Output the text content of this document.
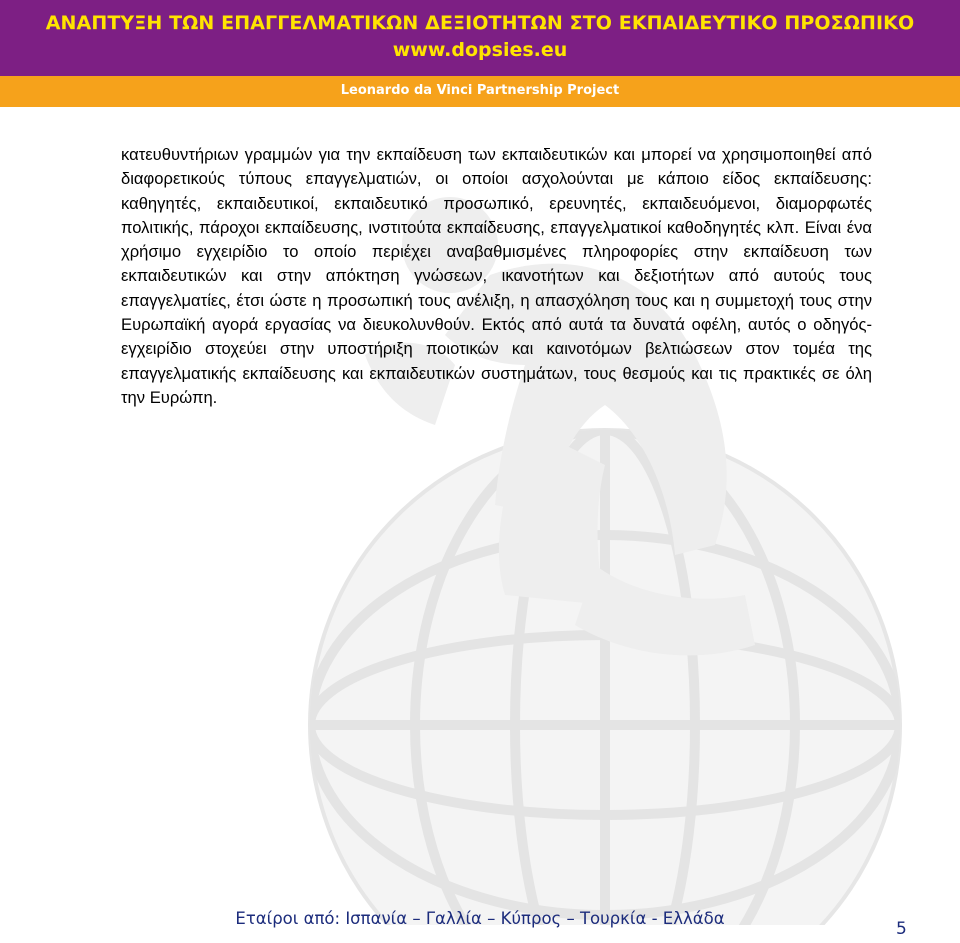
ΑΝΑΠΤΥΞΗ ΤΩΝ ΕΠΑΓΓΕΛΜΑΤΙΚΩΝ ΔΕΞΙΟΤΗΤΩΝ ΣΤΟ ΕΚΠΑΙΔΕΥΤΙΚΟ ΠΡΟΣΩΠΙΚΟ
www.dopsies.eu
Leonardo da Vinci Partnership Project

κατευθυντήριων γραμμών για την εκπαίδευση των εκπαιδευτικών και μπορεί να χρησιμοποιηθεί από διαφορετικούς τύπους επαγγελματιών, οι οποίοι ασχολούνται με κάποιο είδος εκπαίδευσης: καθηγητές, εκπαιδευτικοί, εκπαιδευτικό προσωπικό, ερευνητές, εκπαιδευόμενοι, διαμορφωτές πολιτικής, πάροχοι εκπαίδευσης, ινστιτούτα εκπαίδευσης, επαγγελματικοί καθοδηγητές κλπ. Είναι ένα χρήσιμο εγχειρίδιο το οποίο περιέχει αναβαθμισμένες πληροφορίες στην εκπαίδευση των εκπαιδευτικών και στην απόκτηση γνώσεων, ικανοτήτων και δεξιοτήτων από αυτούς τους επαγγελματίες, έτσι ώστε η προσωπική τους ανέλιξη, η απασχόληση τους και η συμμετοχή τους στην Ευρωπαϊκή αγορά εργασίας να διευκολυνθούν. Εκτός από αυτά τα δυνατά οφέλη, αυτός ο οδηγός-εγχειρίδιο στοχεύει στην υποστήριξη ποιοτικών και καινοτόμων βελτιώσεων στον τομέα της επαγγελματικής εκπαίδευσης και εκπαιδευτικών συστημάτων, τους θεσμούς και τις πρακτικές σε όλη την Ευρώπη.

Εταίροι από: Ισπανία – Γαλλία – Κύπρος – Τουρκία - Ελλάδα
5
